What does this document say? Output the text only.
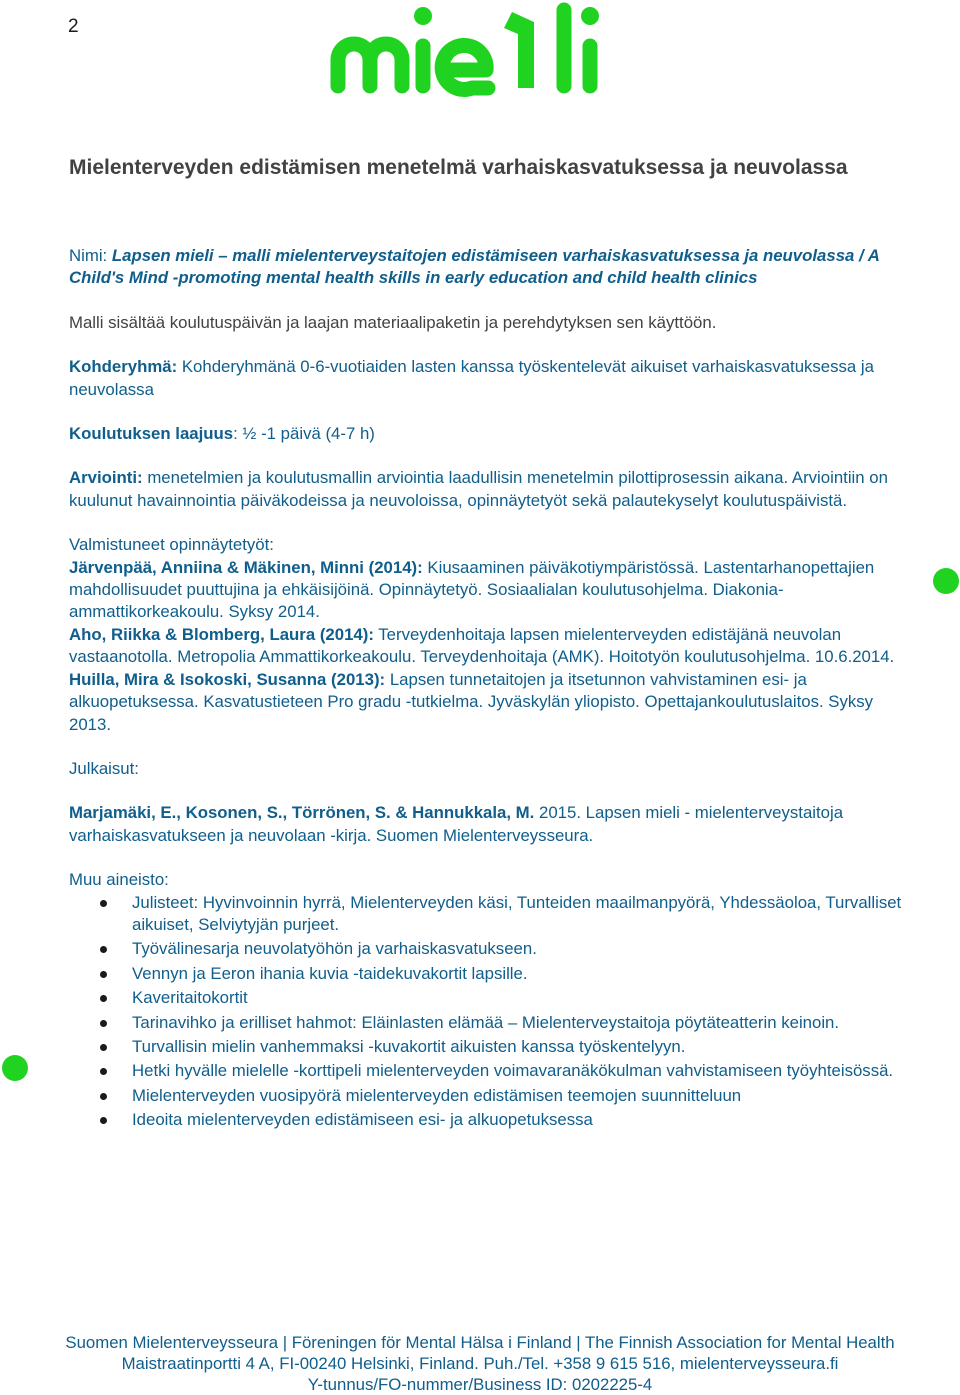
2
Mielenterveyden edistämisen menetelmä varhaiskasvatuksessa ja neuvolassa

Nimi: Lapsen mieli – malli mielenterveystaitojen edistämiseen varhaiskasvatuksessa ja neuvolassa / A Child's Mind -promoting mental health skills in early education and child health clinics

Malli sisältää koulutuspäivän ja laajan materiaalipaketin ja perehdytyksen sen käyttöön.

Kohderyhmä: Kohderyhmänä 0-6-vuotiaiden lasten kanssa työskentelevät aikuiset varhaiskasvatuksessa ja neuvolassa

Koulutuksen laajuus: ½ -1 päivä (4-7 h)

Arviointi: menetelmien ja koulutusmallin arviointia laadullisin menetelmin pilottiprosessin aikana. Arviointiin on kuulunut havainnointia päiväkodeissa ja neuvoloissa, opinnäytetyöt sekä palautekyselyt koulutuspäivistä.

Valmistuneet opinnäytetyöt:

Järvenpää, Anniina & Mäkinen, Minni (2014): Kiusaaminen päiväkotiympäristössä. Lastentarhanopettajien mahdollisuudet puuttujina ja ehkäisijöinä. Opinnäytetyö. Sosiaalialan koulutusohjelma. Diakonia-ammattikorkeakoulu. Syksy 2014.
Aho, Riikka & Blomberg, Laura (2014): Terveydenhoitaja lapsen mielenterveyden edistäjänä neuvolan vastaanotolla. Metropolia Ammattikorkeakoulu. Terveydenhoitaja (AMK). Hoitotyön koulutusohjelma. 10.6.2014. Huilla, Mira & Isokoski, Susanna (2013): Lapsen tunnetaitojen ja itsetunnon vahvistaminen esi- ja alkuopetuksessa. Kasvatustieteen Pro gradu -tutkielma. Jyväskylän yliopisto. Opettajankoulutuslaitos. Syksy 2013.

Julkaisut:

Marjamäki, E., Kosonen, S., Törrönen, S. & Hannukkala, M. 2015. Lapsen mieli - mielenterveystaitoja varhaiskasvatukseen ja neuvolaan -kirja. Suomen Mielenterveysseura.

Muu aineisto:

Julisteet: Hyvinvoinnin hyrrä, Mielenterveyden käsi, Tunteiden maailmanpyörä, Yhdessäoloa, Turvalliset aikuiset, Selviytyjän purjeet.
Työvälinesarja neuvolatyöhön ja varhaiskasvatukseen.
Vennyn ja Eeron ihania kuvia -taidekuvakortit lapsille.
Kaveritaitokortit
Tarinavihko ja erilliset hahmot: Eläinlasten elämää – Mielenterveystaitoja pöytäteatterin keinoin.
Turvallisin mielin vanhemmaksi -kuvakortit aikuisten kanssa työskentelyyn.
Hetki hyvälle mielelle -korttipeli mielenterveyden voimavaranäkökulman vahvistamiseen työyhteisössä.
Mielenterveyden vuosipyörä mielenterveyden edistämisen teemojen suunnitteluun
Ideoita mielenterveyden edistämiseen esi- ja alkuopetuksessa
Suomen Mielenterveysseura | Föreningen för Mental Hälsa i Finland | The Finnish Association for Mental Health
Maistraatinportti 4 A, FI-00240 Helsinki, Finland. Puh./Tel. +358 9 615 516, mielenterveysseura.fi
Y-tunnus/FO-nummer/Business ID: 0202225-4
